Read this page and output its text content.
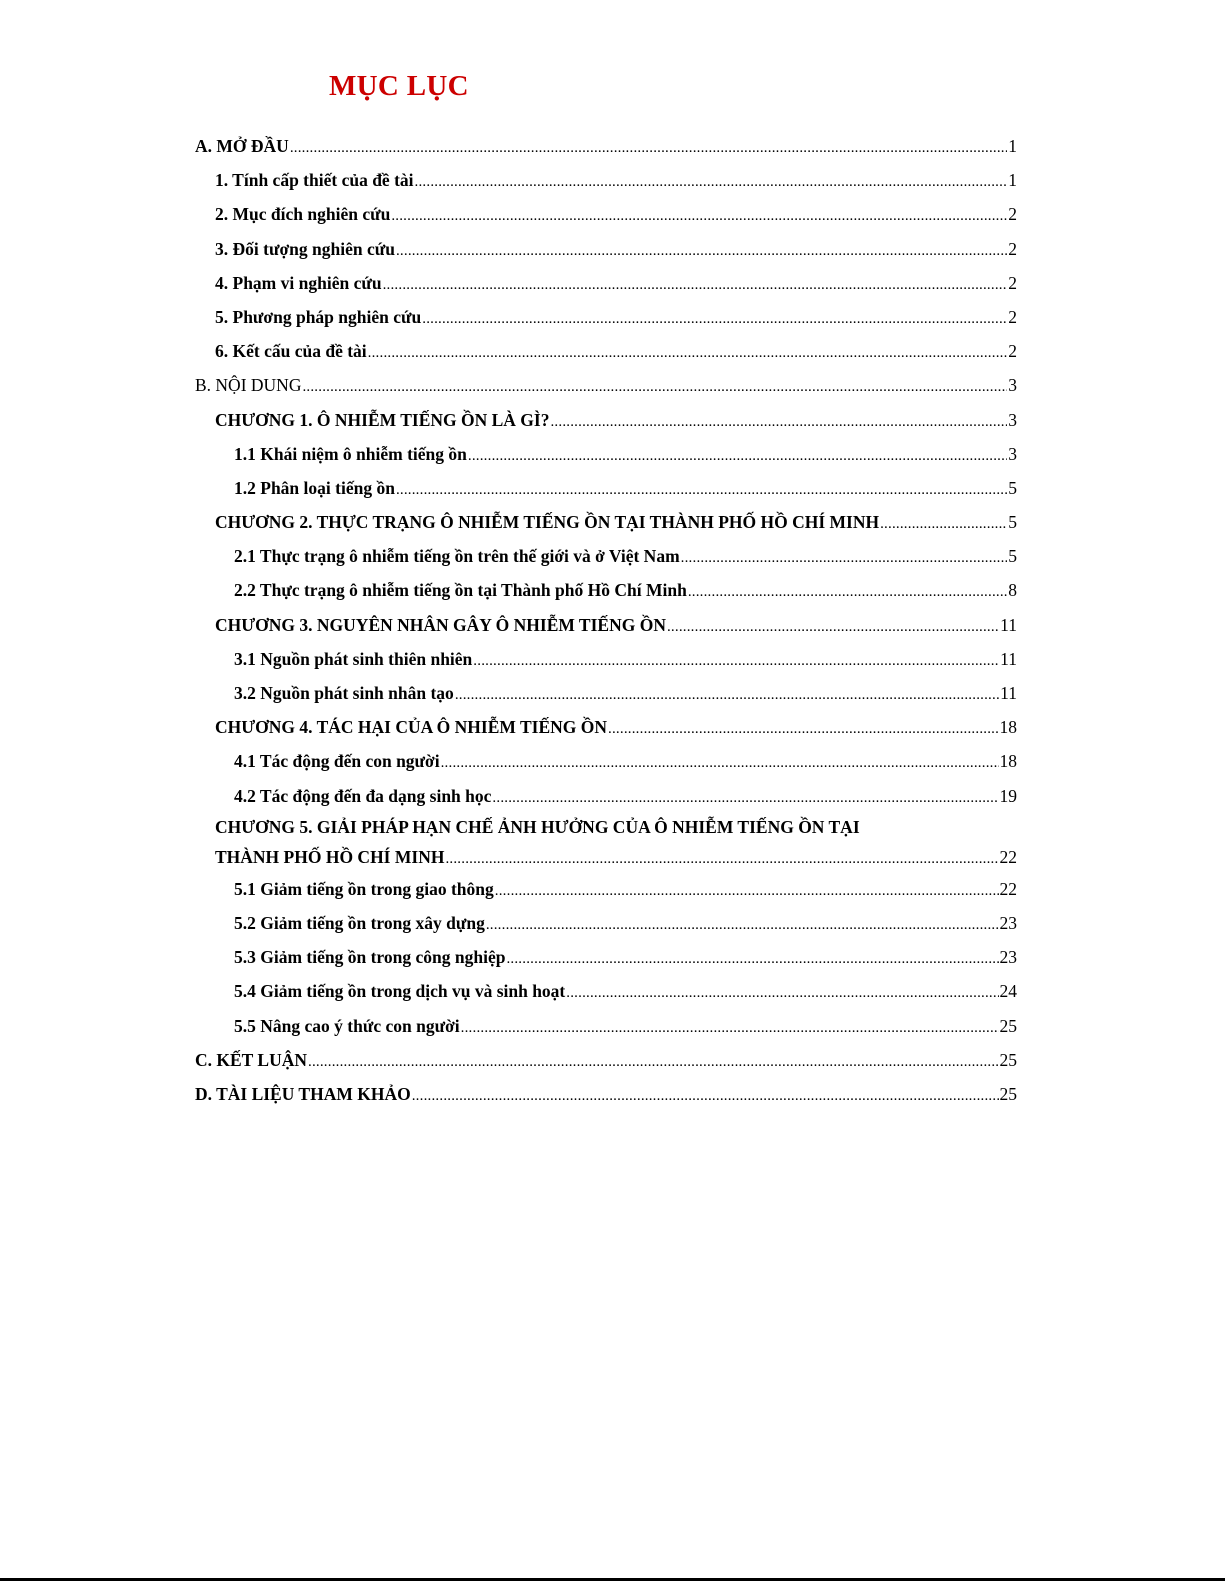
MỤC LỤC
A. MỞ ĐẦU .....	1
1. Tính cấp thiết của đề tài .....	1
2. Mục đích nghiên cứu .....	2
3. Đối tượng nghiên cứu .....	2
4. Phạm vi nghiên cứu .....	2
5. Phương pháp nghiên cứu .....	2
6. Kết cấu của đề tài .....	2
B. NỘI DUNG .....	3
CHƯƠNG 1. Ô NHIỄM TIẾNG ỒN LÀ GÌ? .....	3
1.1 Khái niệm ô nhiễm tiếng ồn .....	3
1.2 Phân loại tiếng ồn .....	5
CHƯƠNG 2. THỰC TRẠNG Ô NHIỄM TIẾNG ỒN TẠI THÀNH PHỐ HỒ CHÍ MINH .....	5
2.1 Thực trạng ô nhiễm tiếng ồn trên thế giới và ở Việt Nam .....	5
2.2 Thực trạng ô nhiễm tiếng ồn tại Thành phố Hồ Chí Minh .....	8
CHƯƠNG 3. NGUYÊN NHÂN GÂY Ô NHIỄM TIẾNG ỒN .....	11
3.1 Nguồn phát sinh thiên nhiên .....	11
3.2 Nguồn phát sinh nhân tạo .....	11
CHƯƠNG 4. TÁC HẠI CỦA Ô NHIỄM TIẾNG ỒN .....	18
4.1 Tác động đến con người .....	18
4.2 Tác động đến đa dạng sinh học .....	19
CHƯƠNG 5. GIẢI PHÁP HẠN CHẾ ẢNH HƯỞNG CỦA Ô NHIỄM TIẾNG ỒN TẠI
THÀNH PHỐ HỒ CHÍ MINH .....	22
5.1 Giảm tiếng ồn trong giao thông .....	22
5.2 Giảm tiếng ồn trong xây dựng .....	23
5.3 Giảm tiếng ồn trong công nghiệp .....	23
5.4 Giảm tiếng ồn trong dịch vụ và sinh hoạt .....	24
5.5 Nâng cao ý thức con người .....	25
C. KẾT LUẬN .....	25
D. TÀI LIỆU THAM KHẢO .....	25
